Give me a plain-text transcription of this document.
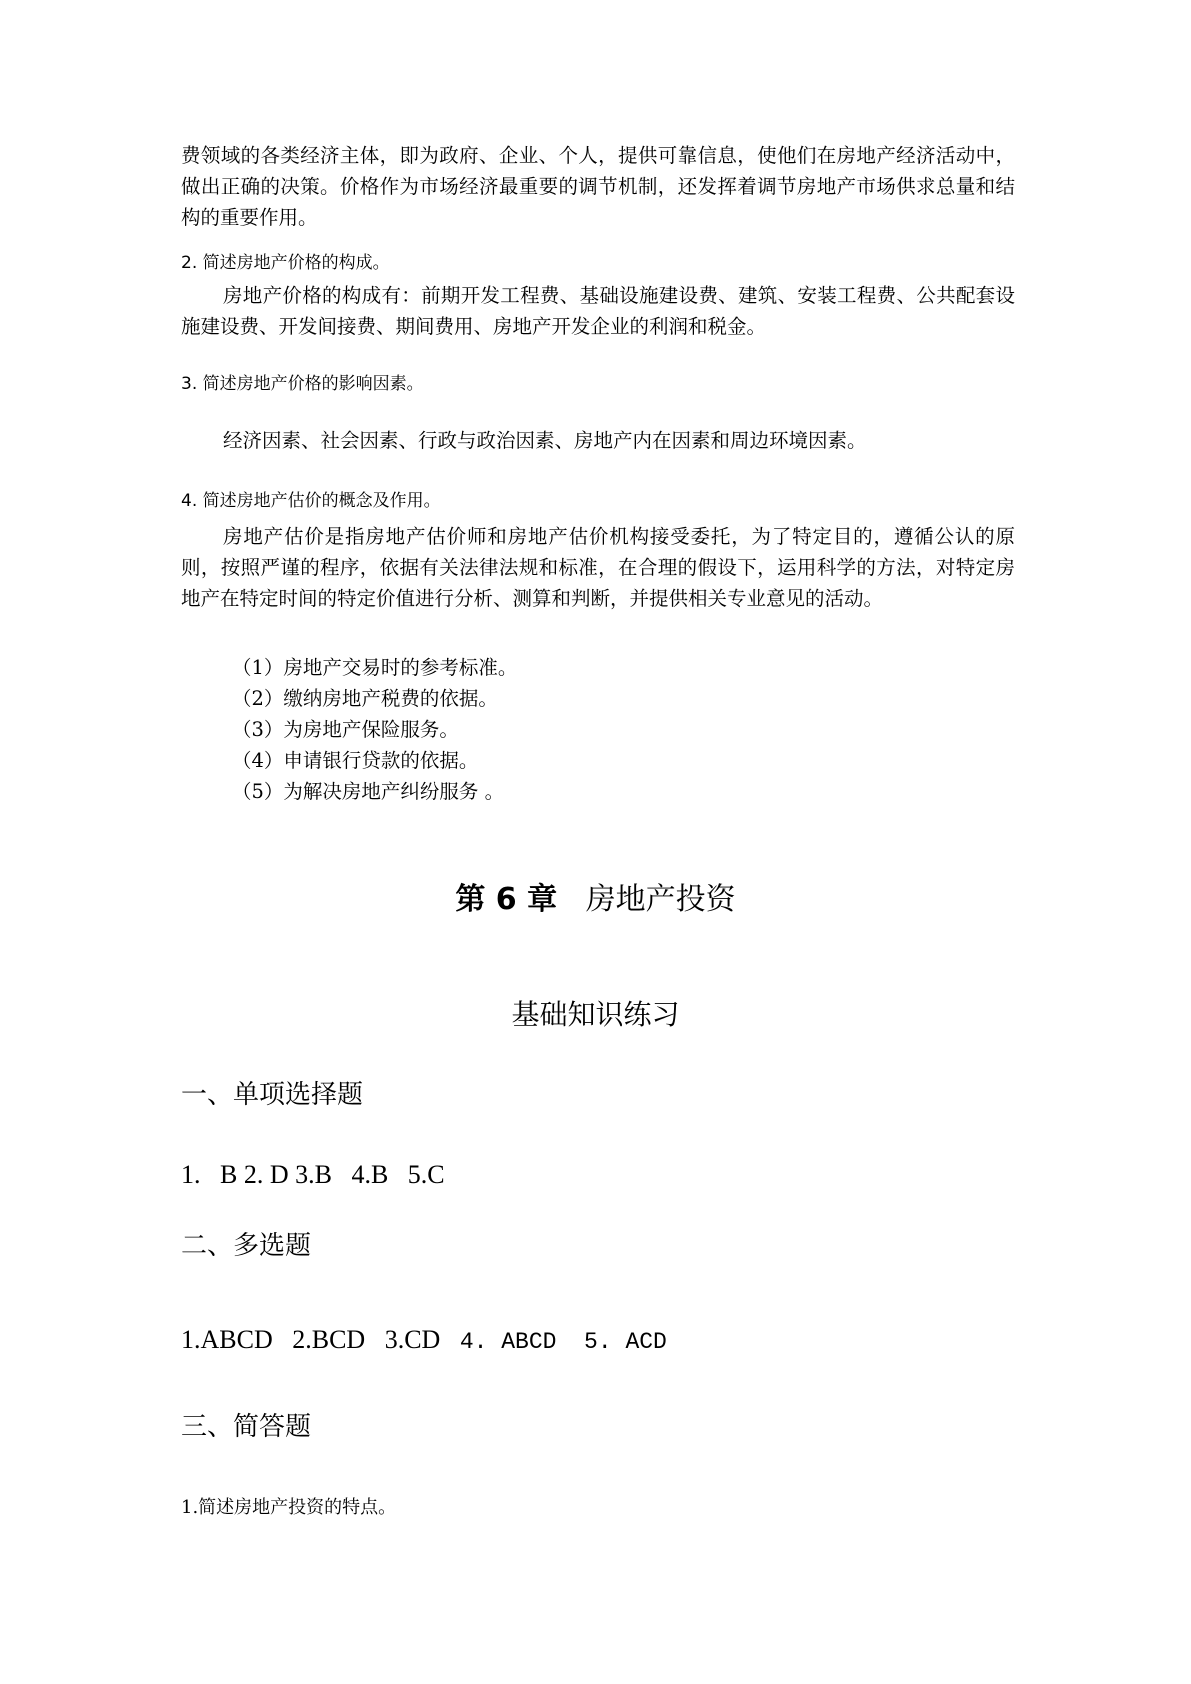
费领域的各类经济主体，即为政府、企业、个人，提供可靠信息，使他们在房地产经济活动中，做出正确的决策。价格作为市场经济最重要的调节机制，还发挥着调节房地产市场供求总量和结构的重要作用。

2. 简述房地产价格的构成。

房地产价格的构成有：前期开发工程费、基础设施建设费、建筑、安装工程费、公共配套设施建设费、开发间接费、期间费用、房地产开发企业的利润和税金。

3. 简述房地产价格的影响因素。

经济因素、社会因素、行政与政治因素、房地产内在因素和周边环境因素。

4. 简述房地产估价的概念及作用。

房地产估价是指房地产估价师和房地产估价机构接受委托，为了特定目的，遵循公认的原则，按照严谨的程序，依据有关法律法规和标准，在合理的假设下，运用科学的方法，对特定房地产在特定时间的特定价值进行分析、测算和判断，并提供相关专业意见的活动。

（1）房地产交易时的参考标准。
（2）缴纳房地产税费的依据。
（3）为房地产保险服务。
（4）申请银行贷款的依据。
（5）为解决房地产纠纷服务 。
第 6 章 房地产投资
基础知识练习
一、单项选择题
1.   B 2. D 3.B   4.B   5.C
二、多选题
1.ABCD   2.BCD   3.CD   4. ABCD  5. ACD
三、简答题
1.简述房地产投资的特点。
